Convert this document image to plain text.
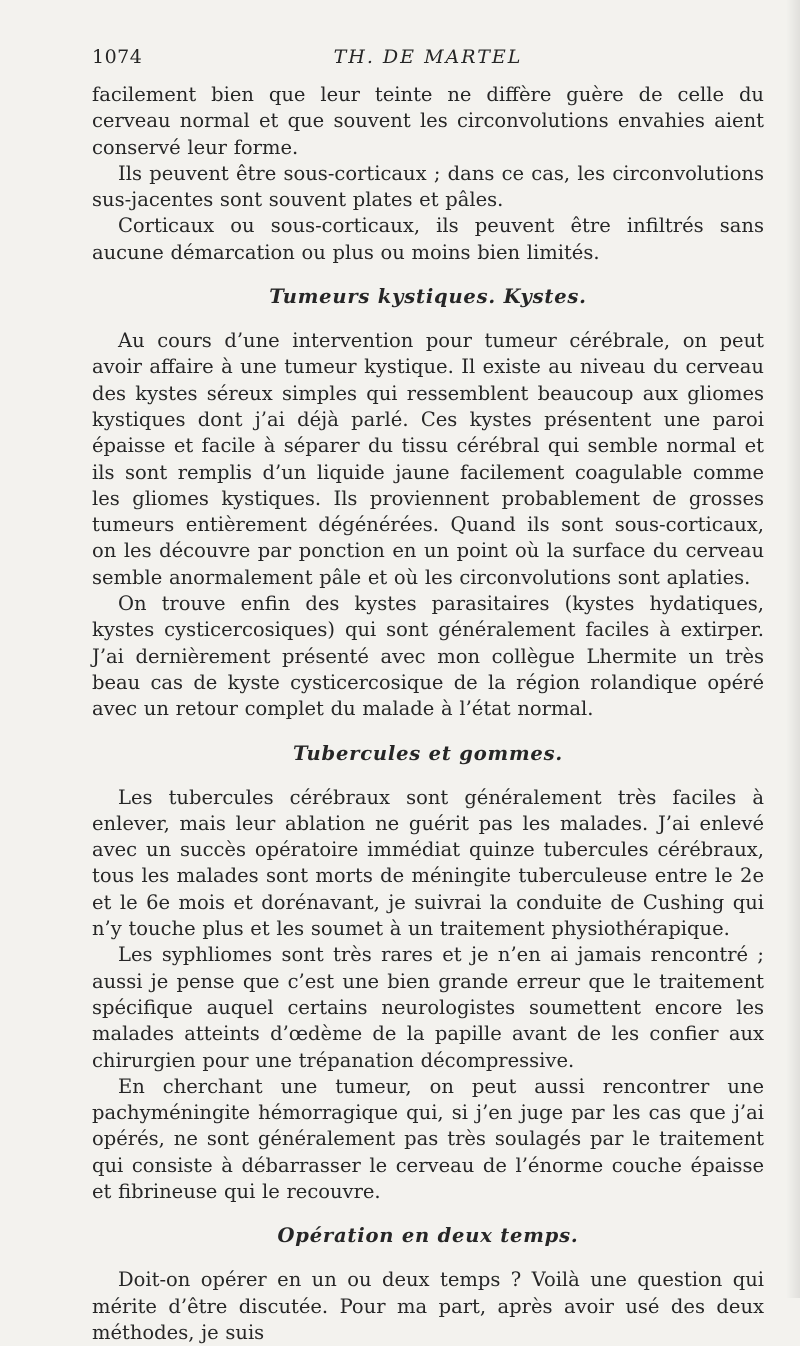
1074	TH. DE MARTEL

facilement bien que leur teinte ne diffère guère de celle du cerveau normal et que souvent les circonvolutions envahies aient conservé leur forme.

Ils peuvent être sous-corticaux ; dans ce cas, les circonvolutions sus-jacentes sont souvent plates et pâles.

Corticaux ou sous-corticaux, ils peuvent être infiltrés sans aucune démarcation ou plus ou moins bien limités.

Tumeurs kystiques. Kystes.

Au cours d’une intervention pour tumeur cérébrale, on peut avoir affaire à une tumeur kystique. Il existe au niveau du cerveau des kystes séreux simples qui ressemblent beaucoup aux gliomes kystiques dont j’ai déjà parlé. Ces kystes présentent une paroi épaisse et facile à séparer du tissu cérébral qui semble normal et ils sont remplis d’un liquide jaune facilement coagulable comme les gliomes kystiques. Ils proviennent probablement de grosses tumeurs entièrement dégénérées. Quand ils sont sous-corticaux, on les découvre par ponction en un point où la surface du cerveau semble anormalement pâle et où les circonvolutions sont aplaties.

On trouve enfin des kystes parasitaires (kystes hydatiques, kystes cysticercosiques) qui sont généralement faciles à extirper. J’ai dernièrement présenté avec mon collègue Lhermite un très beau cas de kyste cysticercosique de la région rolandique opéré avec un retour complet du malade à l’état normal.

Tubercules et gommes.

Les tubercules cérébraux sont généralement très faciles à enlever, mais leur ablation ne guérit pas les malades. J’ai enlevé avec un succès opératoire immédiat quinze tubercules cérébraux, tous les malades sont morts de méningite tuberculeuse entre le 2e et le 6e mois et dorénavant, je suivrai la conduite de Cushing qui n’y touche plus et les soumet à un traitement physiothérapique.

Les syphliomes sont très rares et je n’en ai jamais rencontré ; aussi je pense que c’est une bien grande erreur que le traitement spécifique auquel certains neurologistes soumettent encore les malades atteints d’œdème de la papille avant de les confier aux chirurgien pour une trépanation décompressive.

En cherchant une tumeur, on peut aussi rencontrer une pachyméningite hémorragique qui, si j’en juge par les cas que j’ai opérés, ne sont généralement pas très soulagés par le traitement qui consiste à débarrasser le cerveau de l’énorme couche épaisse et fibrineuse qui le recouvre.

Opération en deux temps.

Doit-on opérer en un ou deux temps ? Voilà une question qui mérite d’être discutée. Pour ma part, après avoir usé des deux méthodes, je suis
